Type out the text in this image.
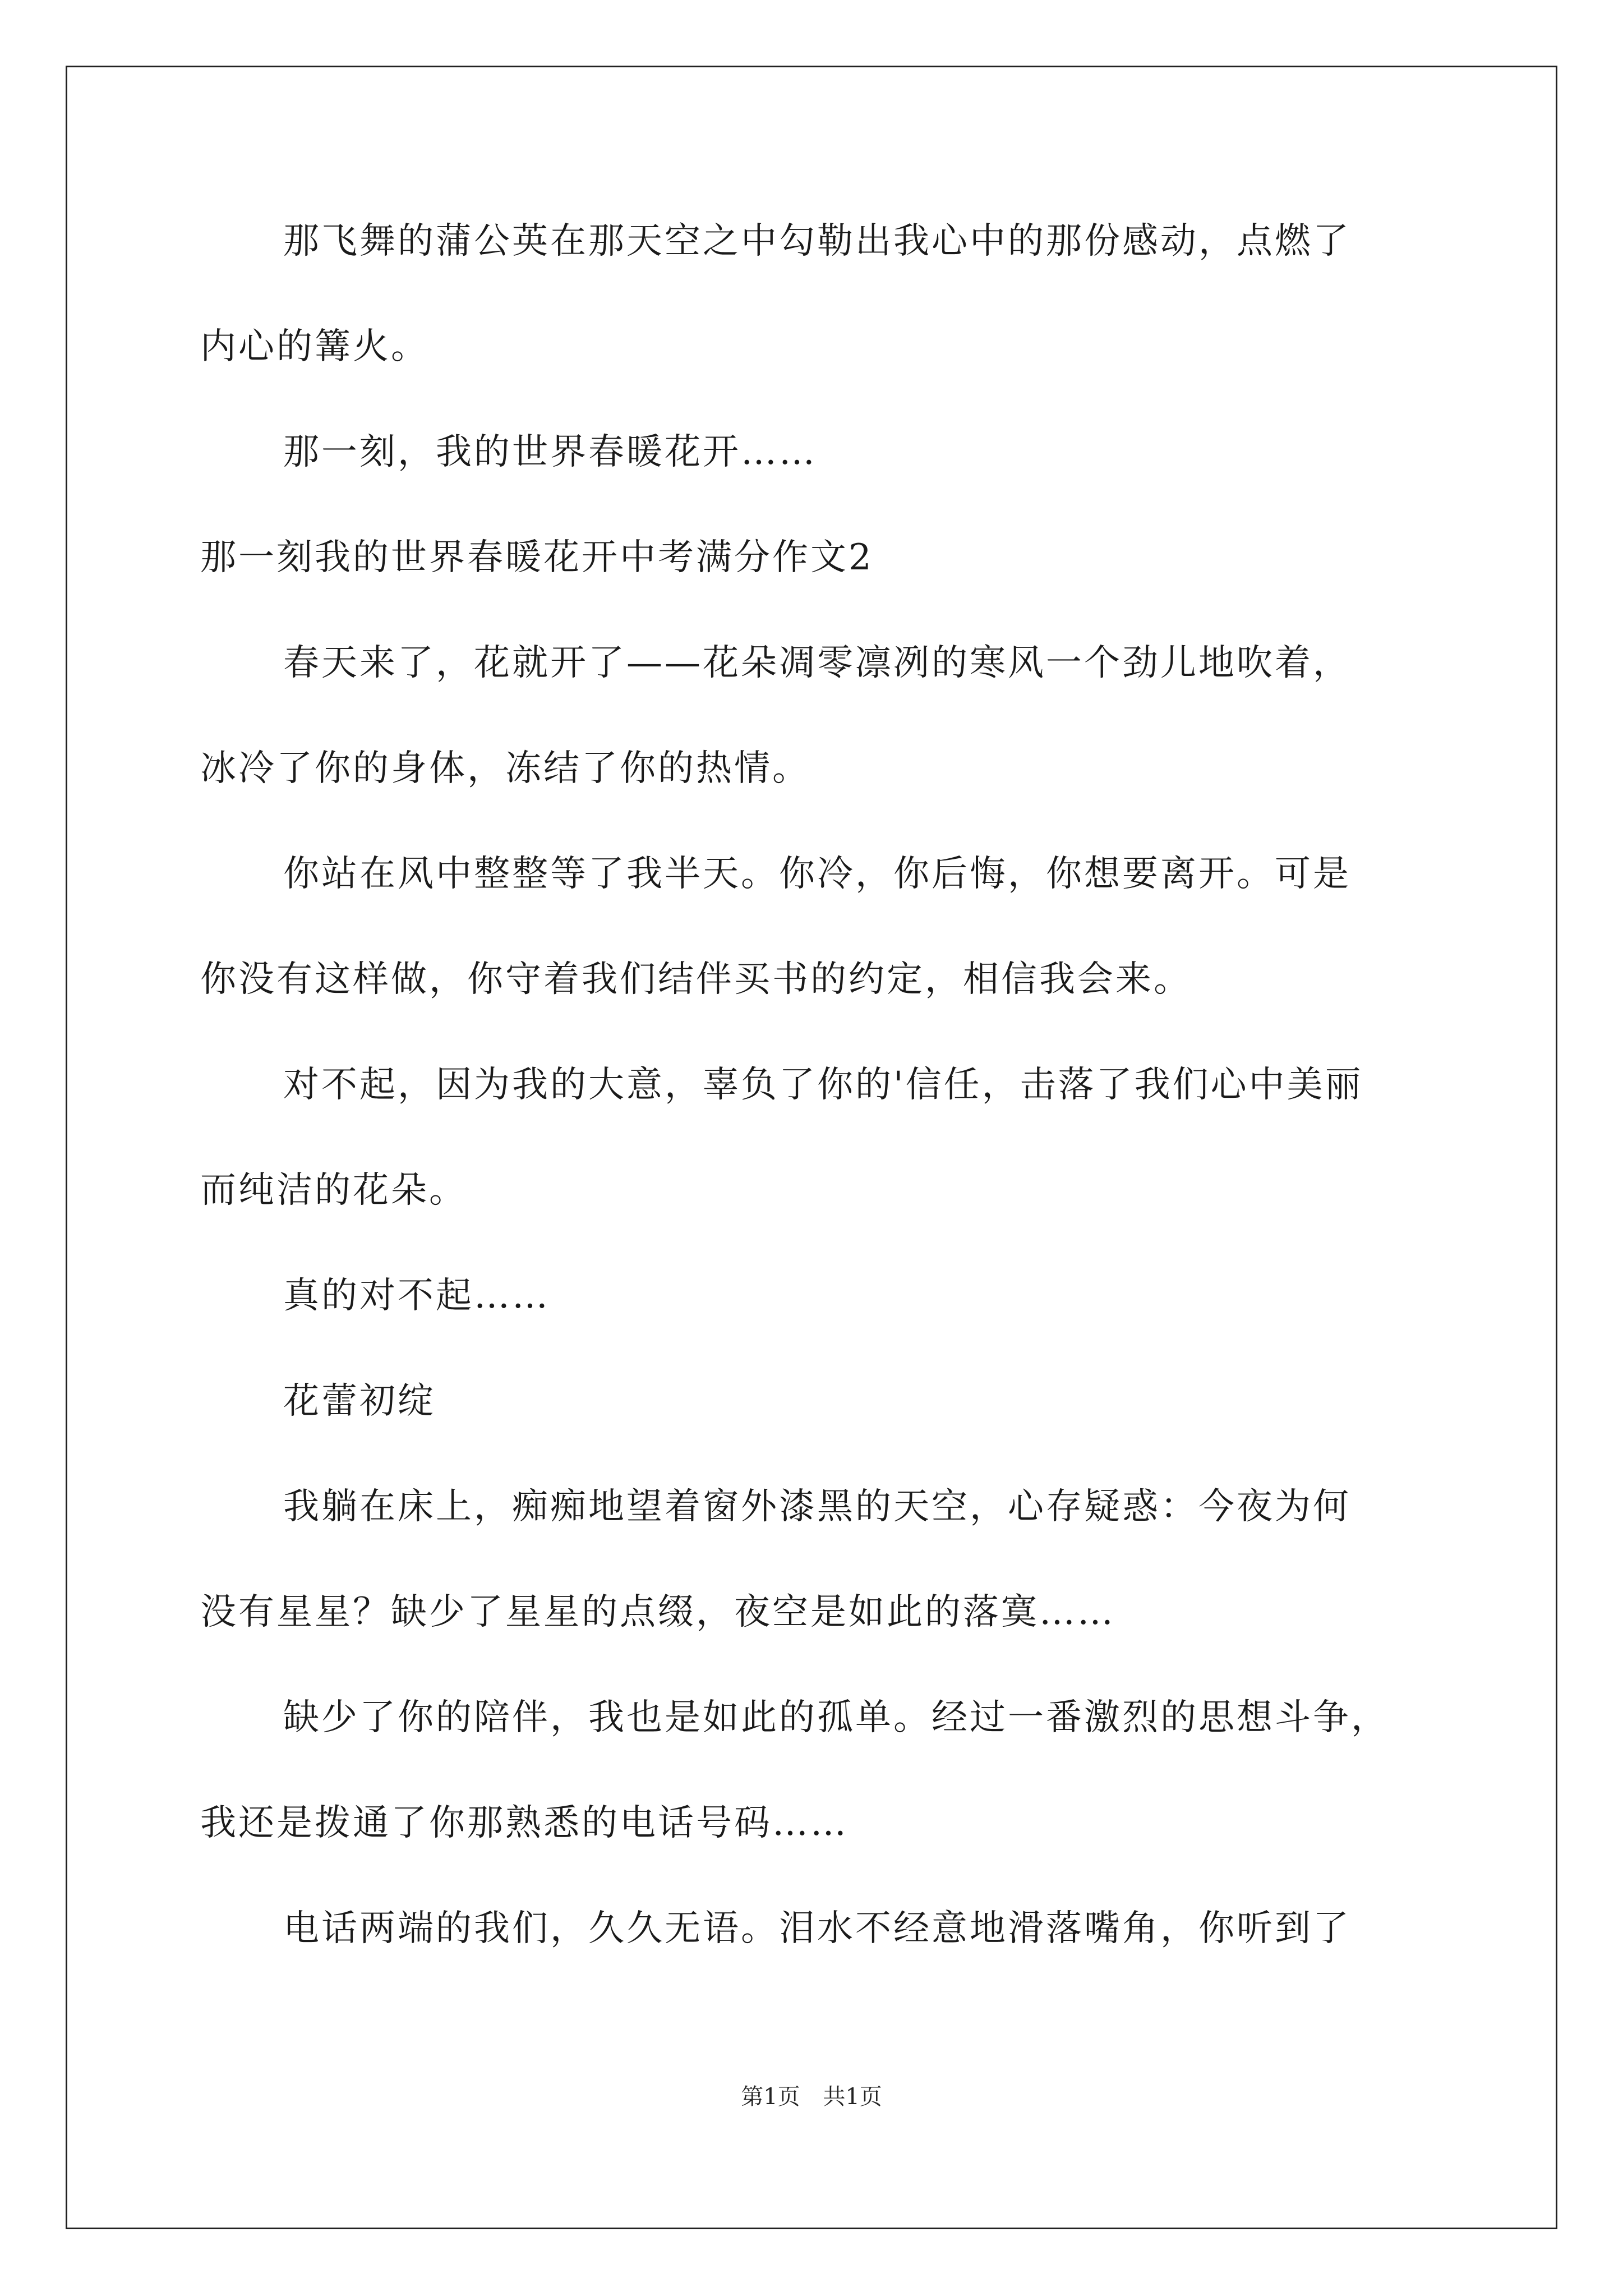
那飞舞的蒲公英在那天空之中勾勒出我心中的那份感动，点燃了
内心的篝火。
那一刻，我的世界春暖花开……
那一刻我的世界春暖花开中考满分作文2
春天来了，花就开了——花朵凋零凛冽的寒风一个劲儿地吹着，
冰冷了你的身体，冻结了你的热情。
你站在风中整整等了我半天。你冷，你后悔，你想要离开。可是
你没有这样做，你守着我们结伴买书的约定，相信我会来。
对不起，因为我的大意，辜负了你的'信任，击落了我们心中美丽
而纯洁的花朵。
真的对不起……
花蕾初绽
我躺在床上，痴痴地望着窗外漆黑的天空，心存疑惑：今夜为何
没有星星？缺少了星星的点缀，夜空是如此的落寞……
缺少了你的陪伴，我也是如此的孤单。经过一番激烈的思想斗争，
我还是拨通了你那熟悉的电话号码……
电话两端的我们，久久无语。泪水不经意地滑落嘴角，你听到了
第1页 共1页
